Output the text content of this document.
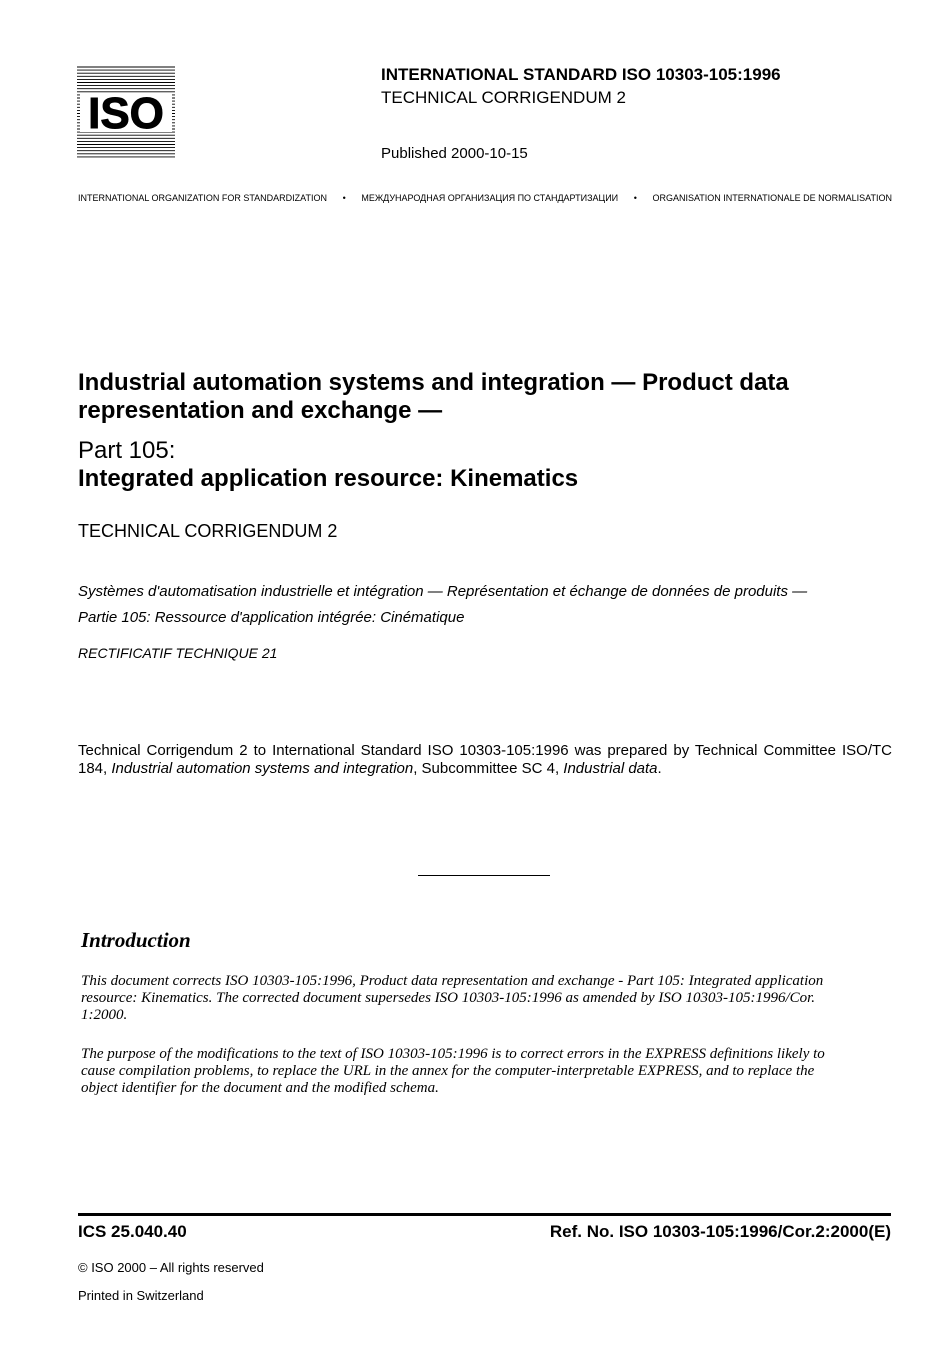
ISO
INTERNATIONAL STANDARD ISO 10303-105:1996
TECHNICAL CORRIGENDUM 2
Published 2000-10-15
INTERNATIONAL ORGANIZATION FOR STANDARDIZATION • МЕЖДУНАРОДНАЯ ОРГАНИЗАЦИЯ ПО СТАНДАРТИЗАЦИИ • ORGANISATION INTERNATIONALE DE NORMALISATION
Industrial automation systems and integration — Product data representation and exchange —
Part 105:
Integrated application resource: Kinematics
TECHNICAL CORRIGENDUM 2
Systèmes d'automatisation industrielle et intégration — Représentation et échange de données de produits —
Partie 105: Ressource d'application intégrée: Cinématique
RECTIFICATIF TECHNIQUE 21
Technical Corrigendum 2 to International Standard ISO 10303-105:1996 was prepared by Technical Committee ISO/TC 184, Industrial automation systems and integration, Subcommittee SC 4, Industrial data.
Introduction
This document corrects ISO 10303-105:1996, Product data representation and exchange - Part 105: Integrated application resource: Kinematics. The corrected document supersedes ISO 10303-105:1996 as amended by ISO 10303-105:1996/Cor. 1:2000.
The purpose of the modifications to the text of ISO 10303-105:1996 is to correct errors in the EXPRESS definitions likely to cause compilation problems, to replace the URL in the annex for the computer-interpretable EXPRESS, and to replace the object identifier for the document and the modified schema.
ICS 25.040.40	Ref. No. ISO 10303-105:1996/Cor.2:2000(E)
© ISO 2000 – All rights reserved
Printed in Switzerland
